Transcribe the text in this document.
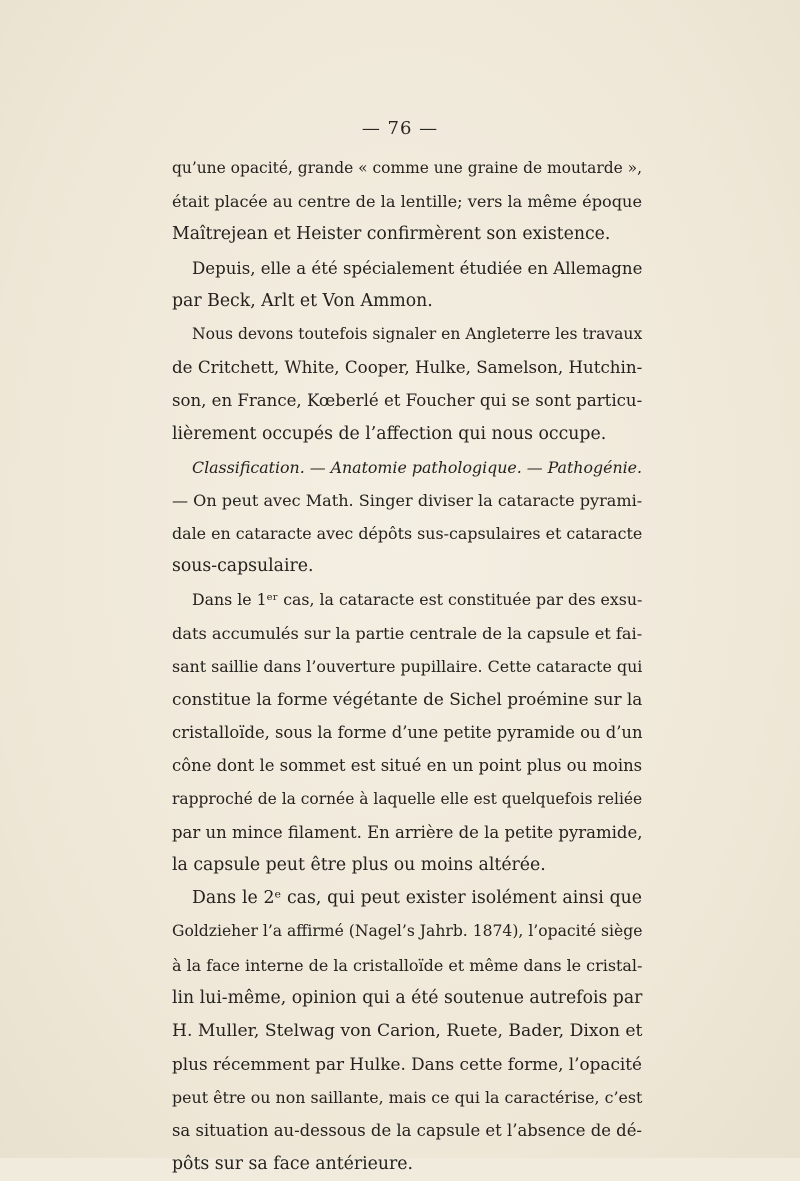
— 76 —
qu’une opacité, grande « comme une graine de moutarde »,
était placée au centre de la lentille; vers la même époque
Maîtrejean et Heister confirmèrent son existence.
Depuis, elle a été spécialement étudiée en Allemagne
par Beck, Arlt et Von Ammon.
Nous devons toutefois signaler en Angleterre les travaux
de Critchett, White, Cooper, Hulke, Samelson, Hutchin-
son, en France, Kœberlé et Foucher qui se sont particu-
lièrement occupés de l’affection qui nous occupe.
Classification. — Anatomie pathologique. — Pathogénie.
— On peut avec Math. Singer diviser la cataracte pyrami-
dale en cataracte avec dépôts sus-capsulaires et cataracte
sous-capsulaire.
Dans le 1ᵉʳ cas, la cataracte est constituée par des exsu-
dats accumulés sur la partie centrale de la capsule et fai-
sant saillie dans l’ouverture pupillaire. Cette cataracte qui
constitue la forme végétante de Sichel proémine sur la
cristalloïde, sous la forme d’une petite pyramide ou d’un
cône dont le sommet est situé en un point plus ou moins
rapproché de la cornée à laquelle elle est quelquefois reliée
par un mince filament. En arrière de la petite pyramide,
la capsule peut être plus ou moins altérée.
Dans le 2ᵉ cas, qui peut exister isolément ainsi que
Goldzieher l’a affirmé (Nagel’s Jahrb. 1874), l’opacité siège
à la face interne de la cristalloïde et même dans le cristal-
lin lui-même, opinion qui a été soutenue autrefois par
H. Muller, Stelwag von Carion, Ruete, Bader, Dixon et
plus récemment par Hulke. Dans cette forme, l’opacité
peut être ou non saillante, mais ce qui la caractérise, c’est
sa situation au-dessous de la capsule et l’absence de dé-
pôts sur sa face antérieure.
